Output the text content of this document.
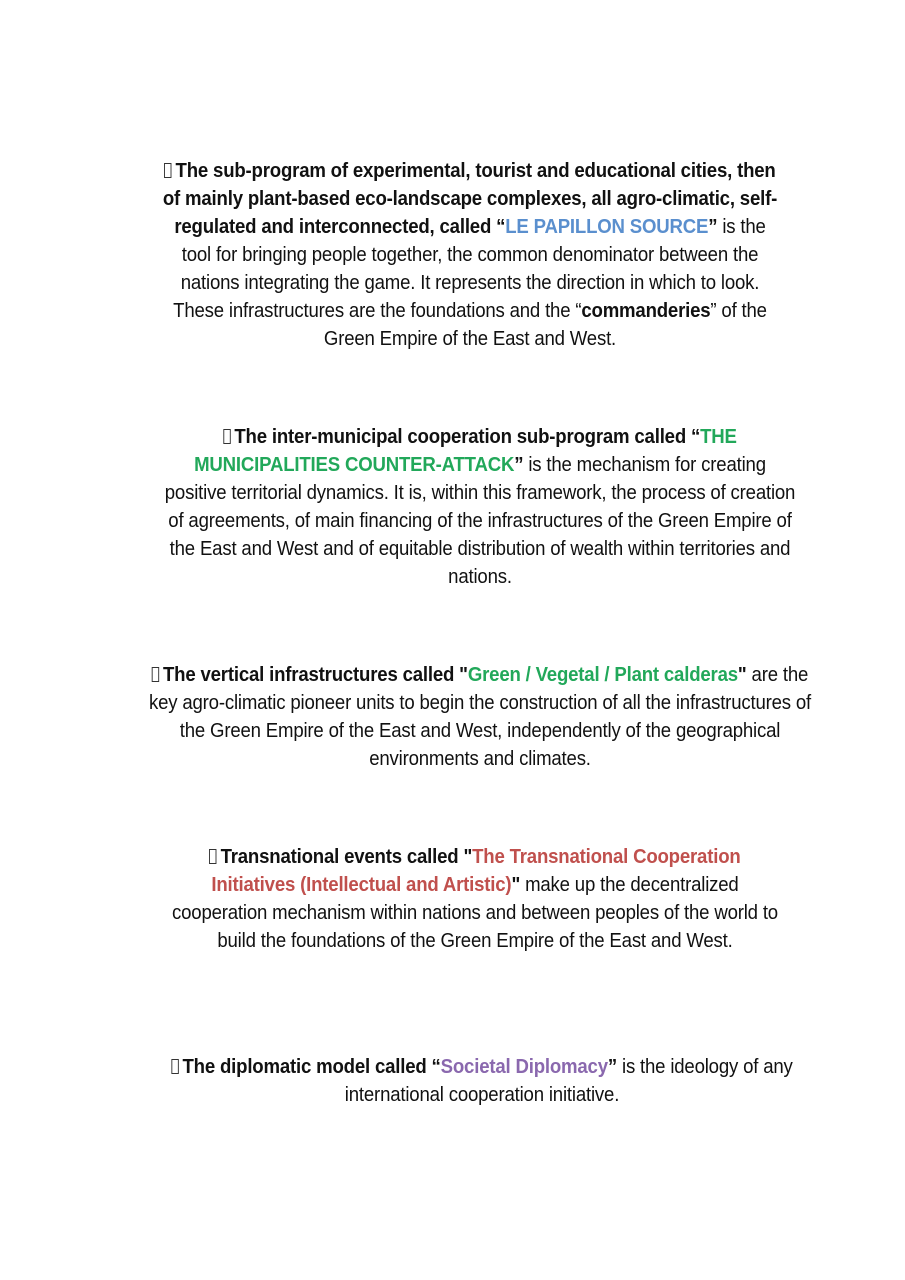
The sub-program of experimental, tourist and educational cities, then of mainly plant-based eco-landscape complexes, all agro-climatic, self-regulated and interconnected, called “LE PAPILLON SOURCE” is the tool for bringing people together, the common denominator between the nations integrating the game. It represents the direction in which to look. These infrastructures are the foundations and the “commanderies” of the Green Empire of the East and West.
The inter-municipal cooperation sub-program called “THE MUNICIPALITIES COUNTER-ATTACK” is the mechanism for creating positive territorial dynamics. It is, within this framework, the process of creation of agreements, of main financing of the infrastructures of the Green Empire of the East and West and of equitable distribution of wealth within territories and nations.
The vertical infrastructures called "Green / Vegetal / Plant calderas" are the key agro-climatic pioneer units to begin the construction of all the infrastructures of the Green Empire of the East and West, independently of the geographical environments and climates.
Transnational events called "The Transnational Cooperation Initiatives (Intellectual and Artistic)" make up the decentralized cooperation mechanism within nations and between peoples of the world to build the foundations of the Green Empire of the East and West.
The diplomatic model called “Societal Diplomacy” is the ideology of any international cooperation initiative.
